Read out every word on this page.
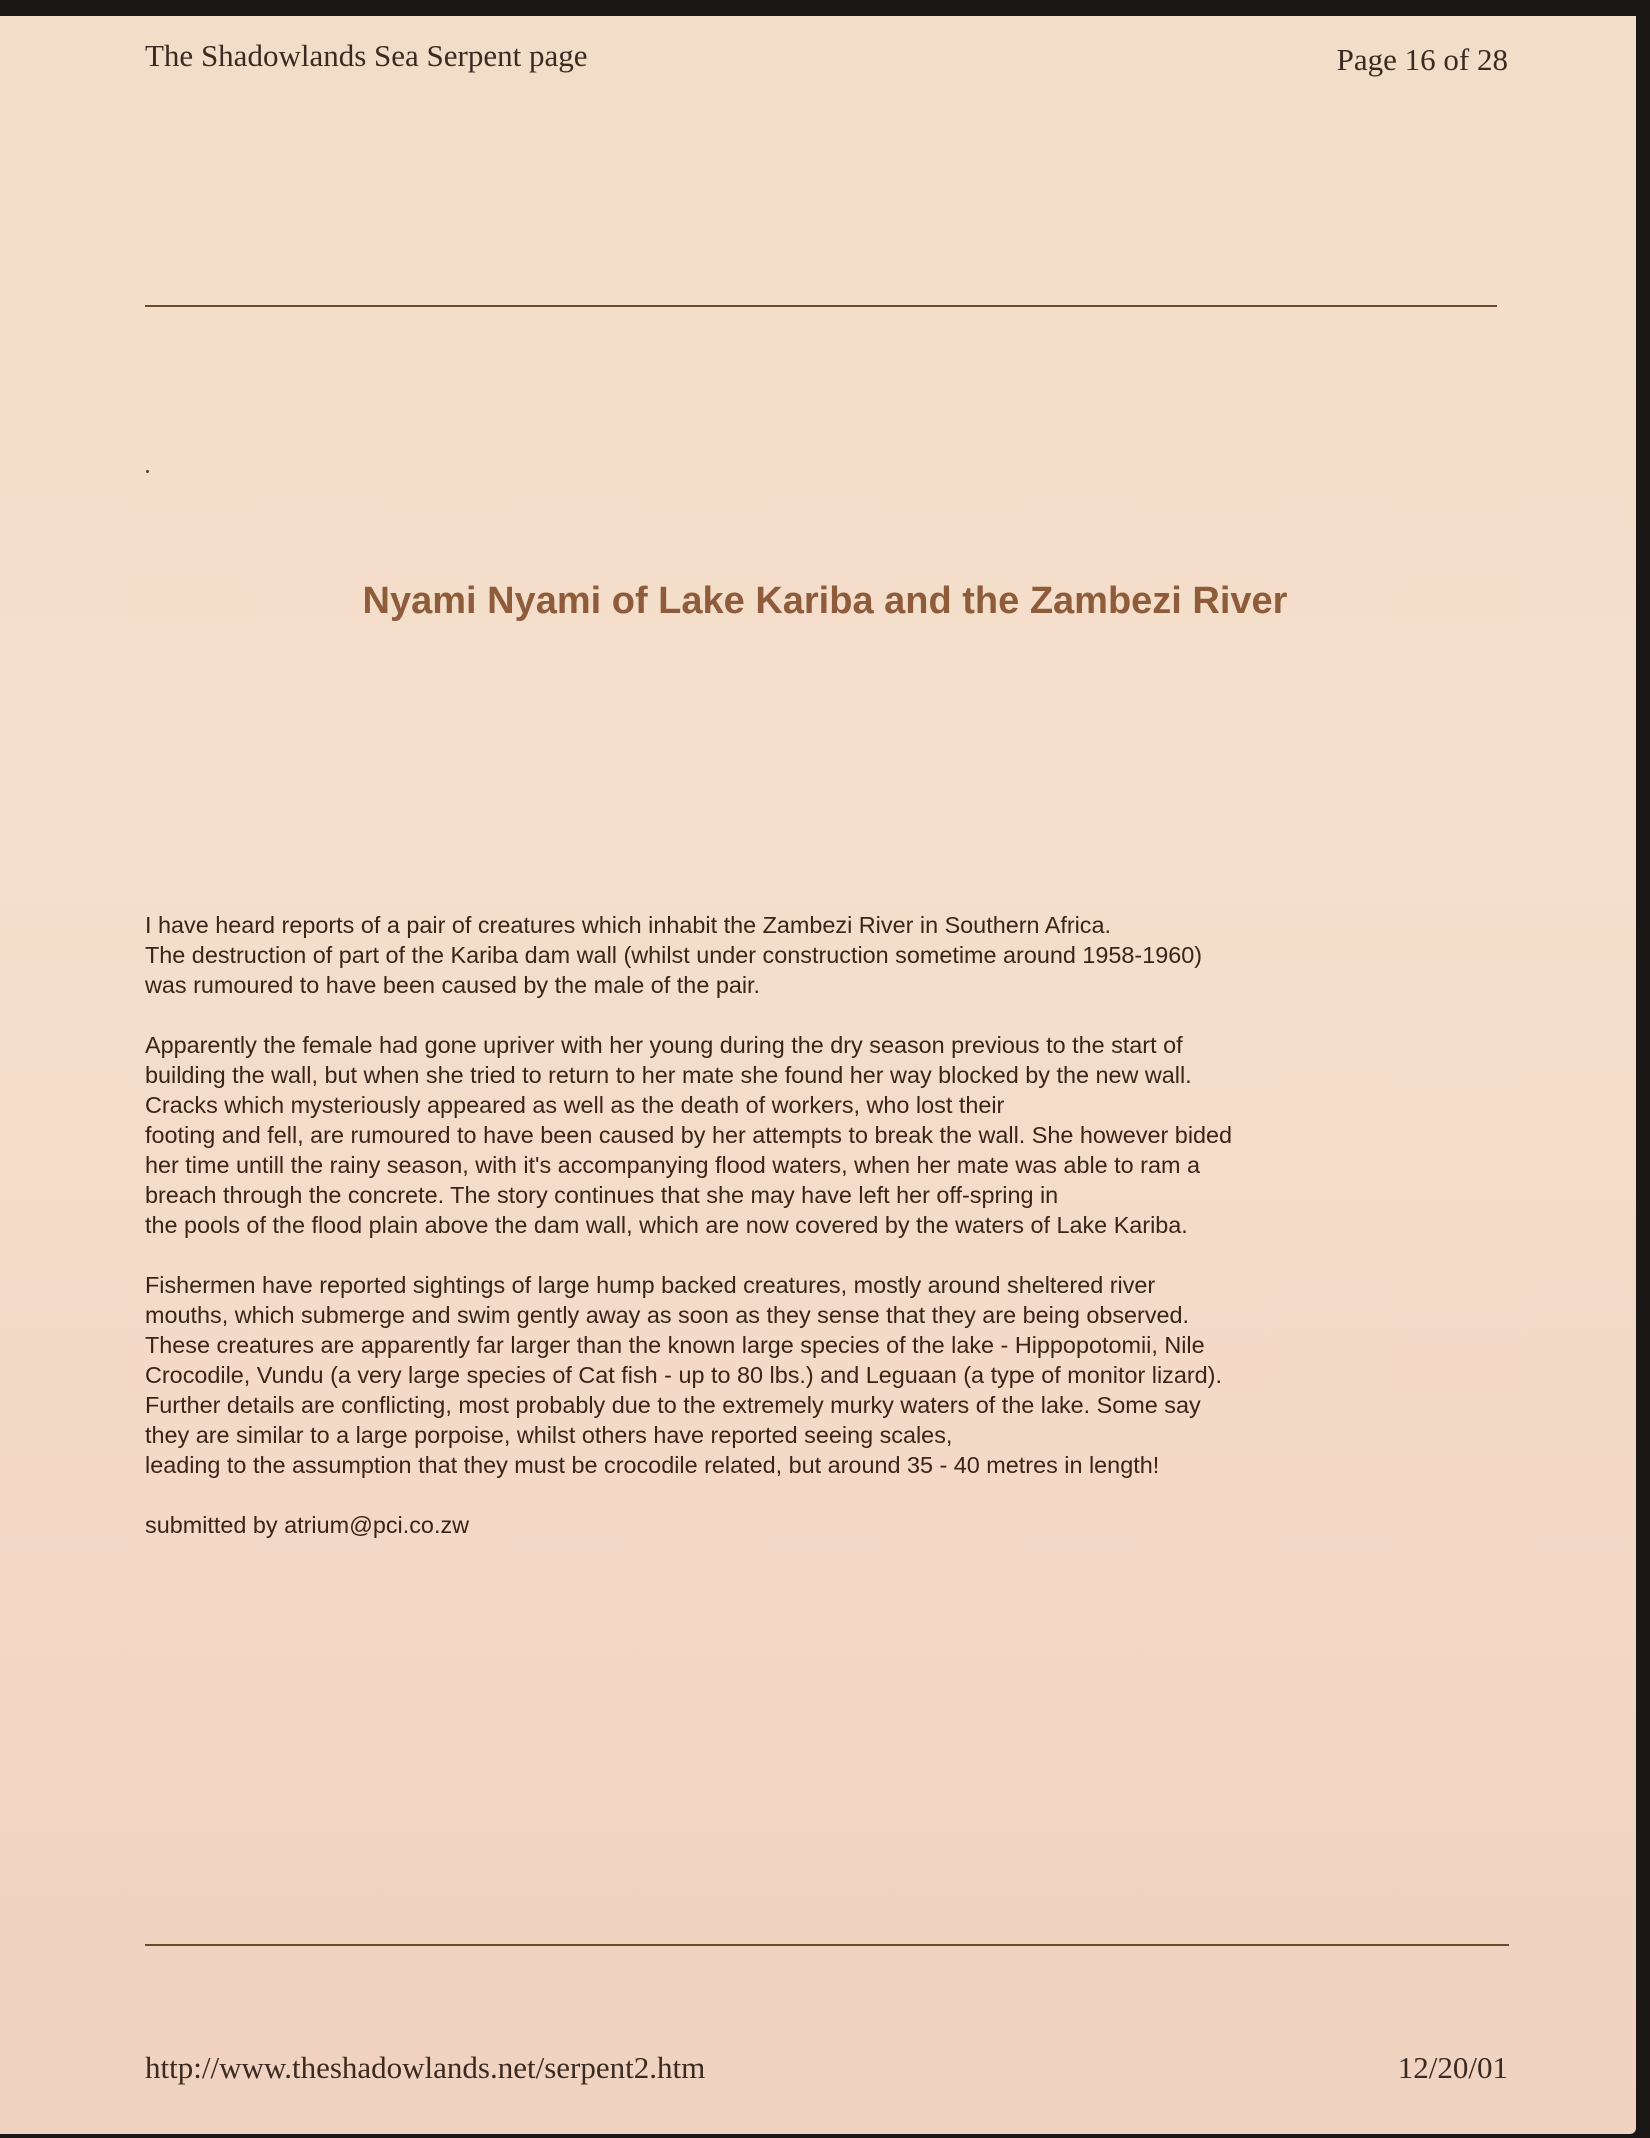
The Shadowlands Sea Serpent page	Page 16 of 28
Nyami Nyami of Lake Kariba and the Zambezi River

I have heard reports of a pair of creatures which inhabit the Zambezi River in Southern Africa.
The destruction of part of the Kariba dam wall (whilst under construction sometime around 1958-1960)
was rumoured to have been caused by the male of the pair.

Apparently the female had gone upriver with her young during the dry season previous to the start of
building the wall, but when she tried to return to her mate she found her way blocked by the new wall.
Cracks which mysteriously appeared as well as the death of workers, who lost their
footing and fell, are rumoured to have been caused by her attempts to break the wall. She however bided
her time untill the rainy season, with it's accompanying flood waters, when her mate was able to ram a
breach through the concrete. The story continues that she may have left her off-spring in
the pools of the flood plain above the dam wall, which are now covered by the waters of Lake Kariba.

Fishermen have reported sightings of large hump backed creatures, mostly around sheltered river
mouths, which submerge and swim gently away as soon as they sense that they are being observed.
These creatures are apparently far larger than the known large species of the lake - Hippopotomii, Nile
Crocodile, Vundu (a very large species of Cat fish - up to 80 lbs.) and Leguaan (a type of monitor lizard).
Further details are conflicting, most probably due to the extremely murky waters of the lake. Some say
they are similar to a large porpoise, whilst others have reported seeing scales,
leading to the assumption that they must be crocodile related, but around 35 - 40 metres in length!

submitted by atrium@pci.co.zw

http://www.theshadowlands.net/serpent2.htm	12/20/01
